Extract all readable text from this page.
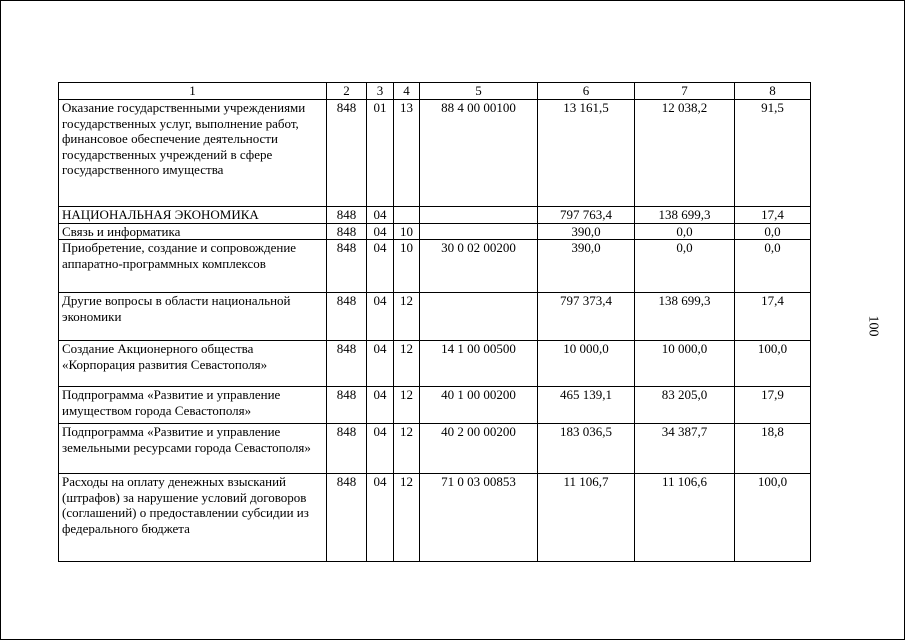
1	2	3	4	5	6	7	8
Оказание государственными учреждениями государственных услуг, выполнение работ, финансовое обеспечение деятельности государственных учреждений в сфере государственного имущества	848	01	13	88 4 00 00100	13 161,5	12 038,2	91,5
НАЦИОНАЛЬНАЯ ЭКОНОМИКА	848	04			797 763,4	138 699,3	17,4
Связь и информатика	848	04	10		390,0	0,0	0,0
Приобретение, создание и сопровождение аппаратно-программных комплексов	848	04	10	30 0 02 00200	390,0	0,0	0,0
Другие вопросы в области национальной экономики	848	04	12		797 373,4	138 699,3	17,4
Создание Акционерного общества «Корпорация развития Севастополя»	848	04	12	14 1 00 00500	10 000,0	10 000,0	100,0
Подпрограмма «Развитие и управление имуществом города Севастополя»	848	04	12	40 1 00 00200	465 139,1	83 205,0	17,9
Подпрограмма «Развитие и управление земельными ресурсами города Севастополя»	848	04	12	40 2 00 00200	183 036,5	34 387,7	18,8
Расходы на оплату денежных взысканий (штрафов) за нарушение условий договоров (соглашений) о предоставлении субсидии из федерального бюджета	848	04	12	71 0 03 00853	11 106,7	11 106,6	100,0
100
